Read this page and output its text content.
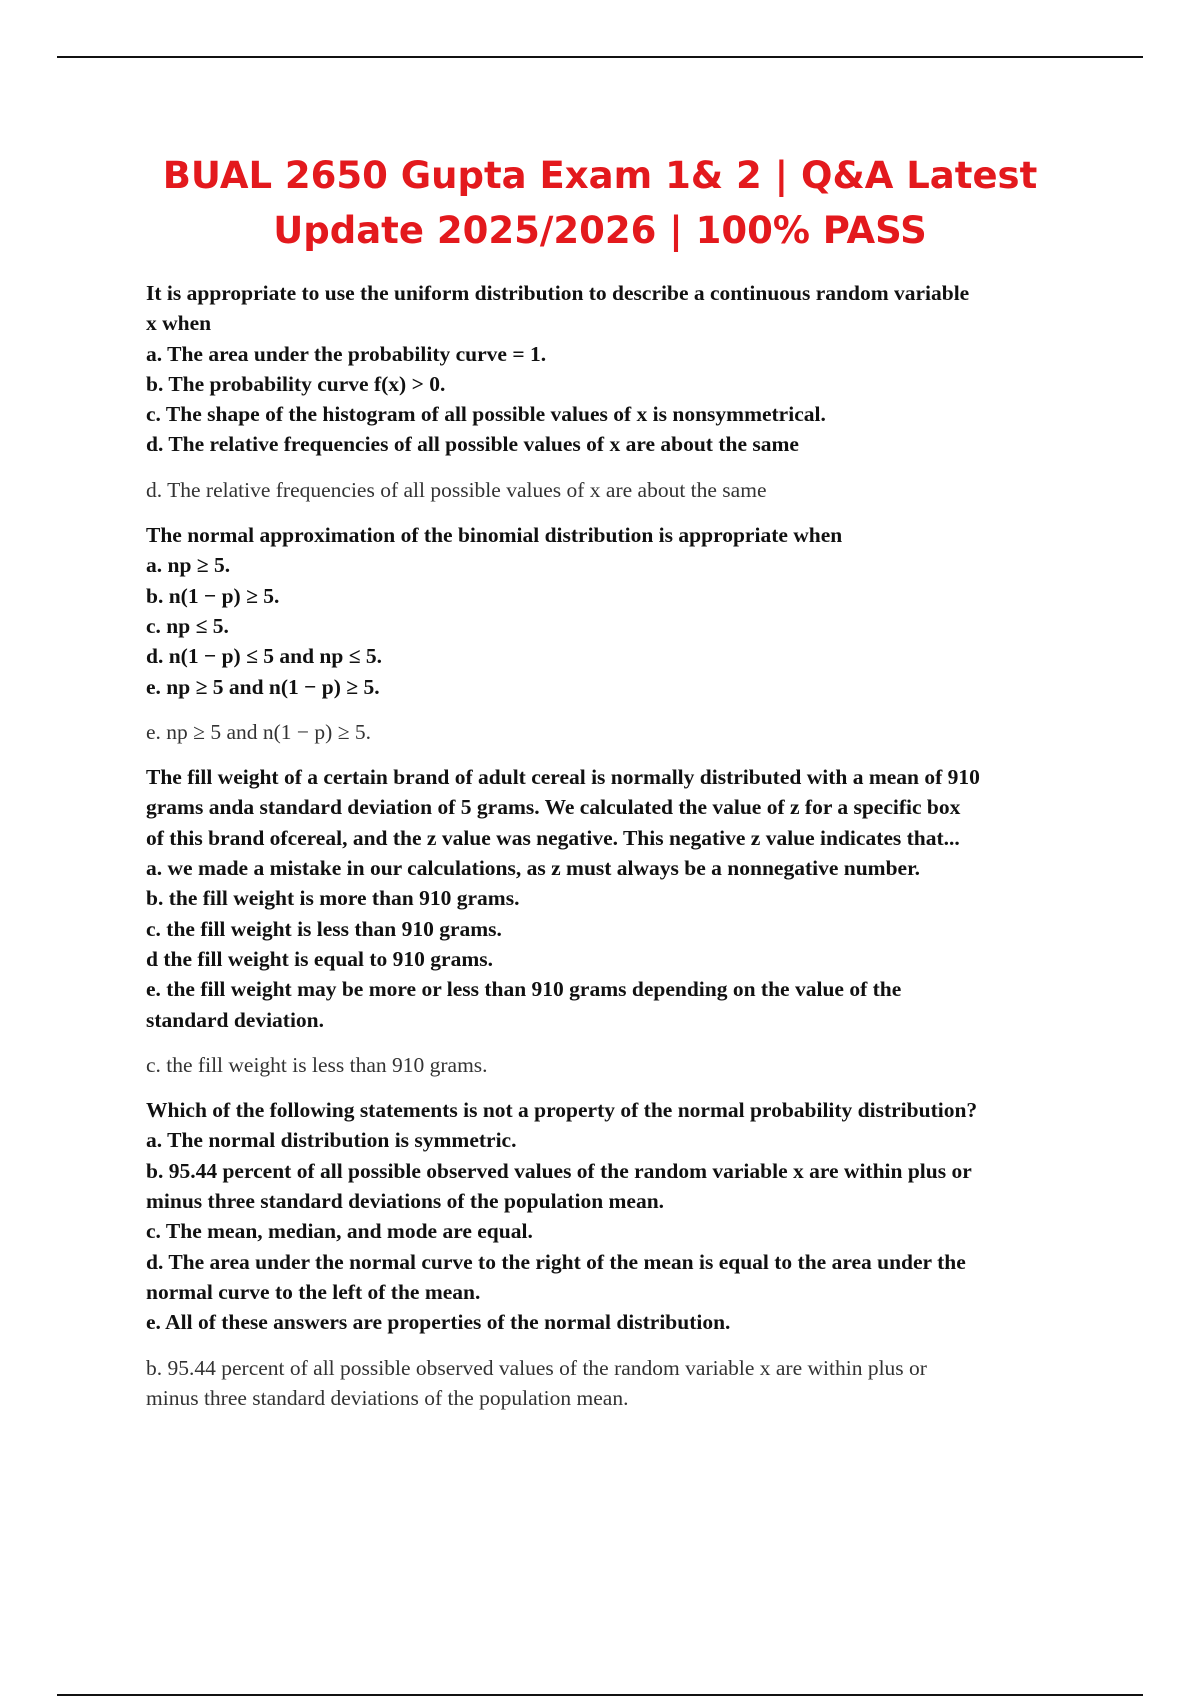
BUAL 2650 Gupta Exam 1& 2 | Q&A Latest
Update 2025/2026 | 100% PASS

It is appropriate to use the uniform distribution to describe a continuous random variable

x when

a. The area under the probability curve = 1.

b. The probability curve f(x) > 0.

c. The shape of the histogram of all possible values of x is nonsymmetrical.

d. The relative frequencies of all possible values of x are about the same

d. The relative frequencies of all possible values of x are about the same

The normal approximation of the binomial distribution is appropriate when

a. np ≥ 5.

b. n(1 − p) ≥ 5.

c. np ≤ 5.

d. n(1 − p) ≤ 5 and np ≤ 5.

e. np ≥ 5 and n(1 − p) ≥ 5.

e. np ≥ 5 and n(1 − p) ≥ 5.

The fill weight of a certain brand of adult cereal is normally distributed with a mean of 910

grams anda standard deviation of 5 grams. We calculated the value of z for a specific box

of this brand ofcereal, and the z value was negative. This negative z value indicates that...

a. we made a mistake in our calculations, as z must always be a nonnegative number.

b. the fill weight is more than 910 grams.

c. the fill weight is less than 910 grams.

d the fill weight is equal to 910 grams.

e. the fill weight may be more or less than 910 grams depending on the value of the

standard deviation.

c. the fill weight is less than 910 grams.

Which of the following statements is not a property of the normal probability distribution?

a. The normal distribution is symmetric.

b. 95.44 percent of all possible observed values of the random variable x are within plus or

minus three standard deviations of the population mean.

c. The mean, median, and mode are equal.

d. The area under the normal curve to the right of the mean is equal to the area under the

normal curve to the left of the mean.

e. All of these answers are properties of the normal distribution.

b. 95.44 percent of all possible observed values of the random variable x are within plus or
minus three standard deviations of the population mean.
